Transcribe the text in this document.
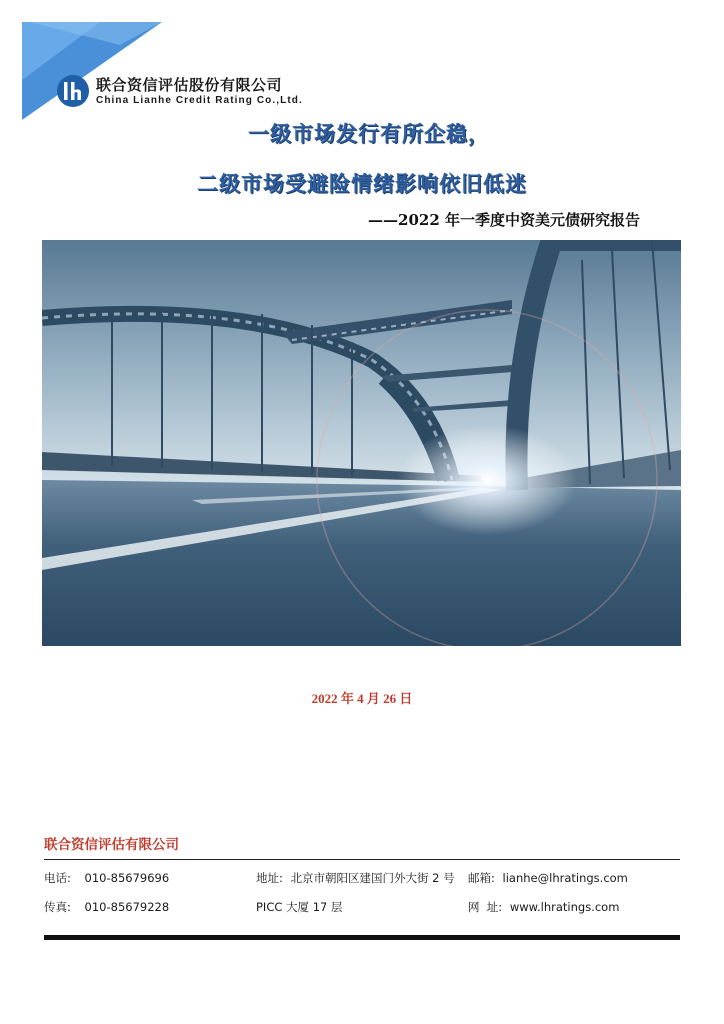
联合资信评估股份有限公司
China Lianhe Credit Rating Co.,Ltd.
一级市场发行有所企稳，
二级市场受避险情绪影响依旧低迷
——2022 年一季度中资美元债研究报告
2022 年 4 月 26 日
联合资信评估有限公司
电话: 010-85679696
传真: 010-85679228
地址: 北京市朝阳区建国门外大街 2 号
PICC 大厦 17 层
邮箱: lianhe@lhratings.com
网  址: www.lhratings.com
